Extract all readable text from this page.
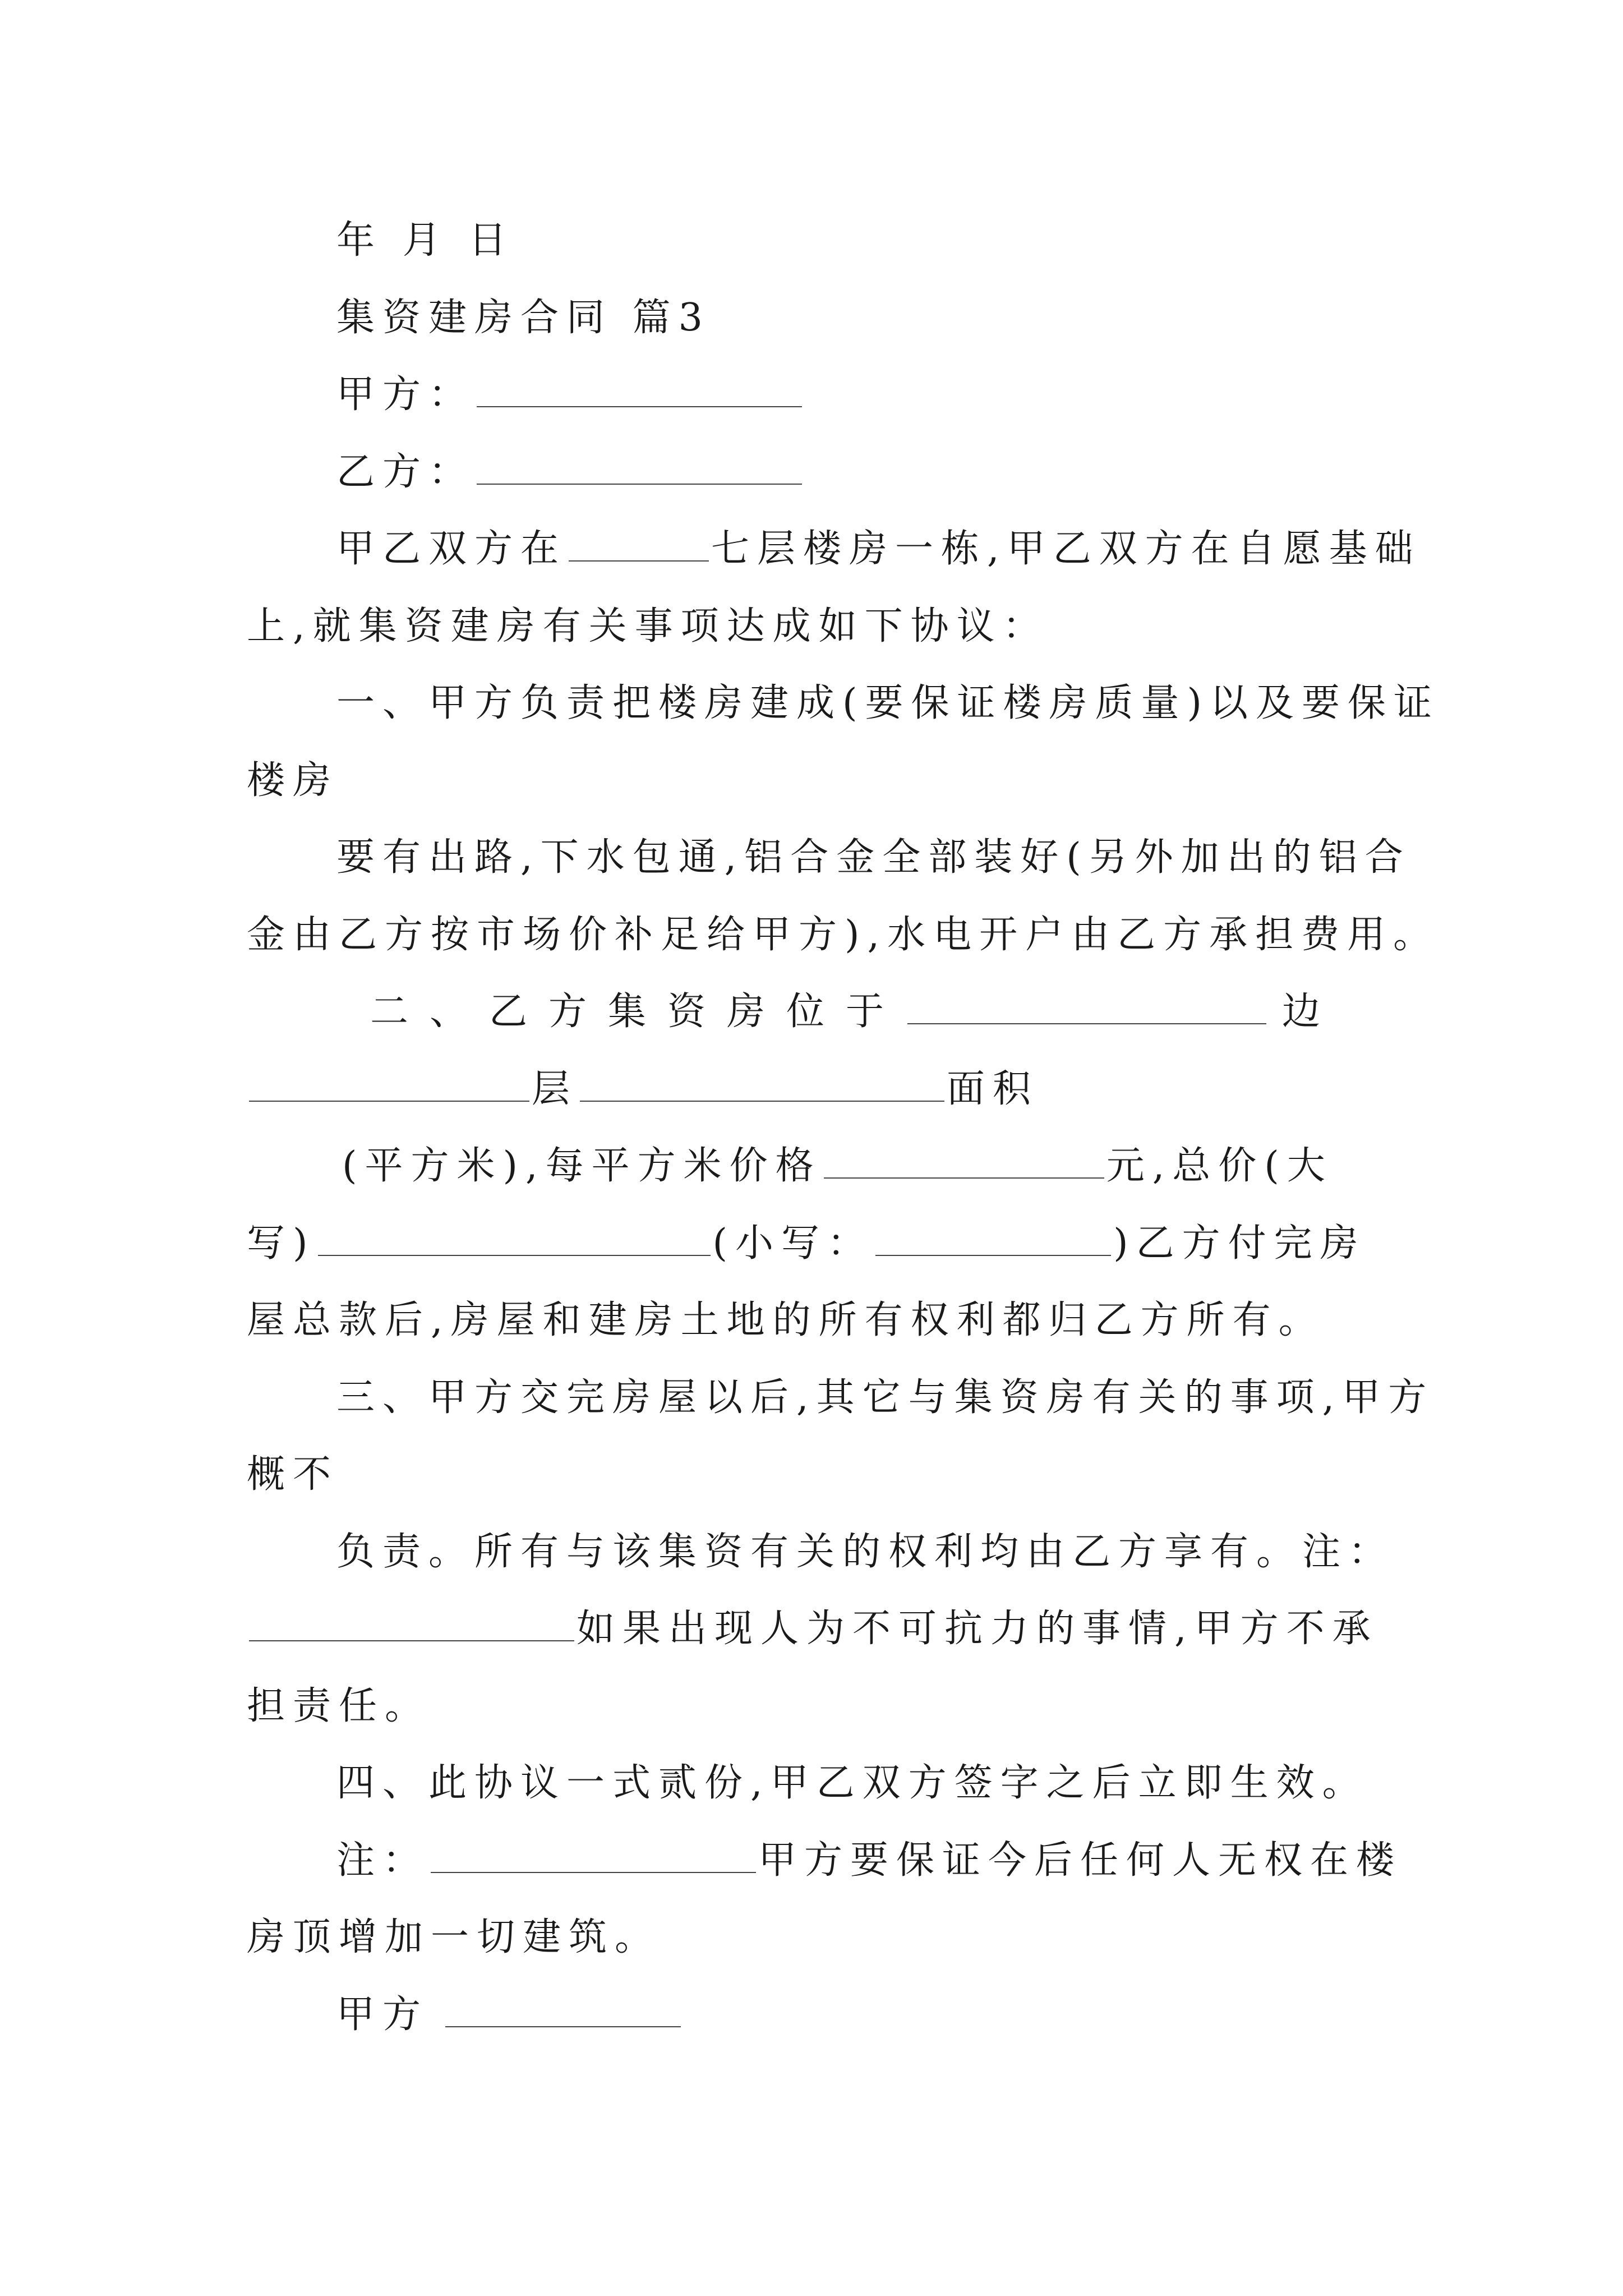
年 月 日
集资建房合同 篇3
甲方：
乙方：
甲乙双方在	七层楼房一栋,甲乙双方在自愿基础
上,就集资建房有关事项达成如下协议：
一、甲方负责把楼房建成(要保证楼房质量)以及要保证
楼房
要有出路,下水包通,铝合金全部装好(另外加出的铝合
金由乙方按市场价补足给甲方),水电开户由乙方承担费用。
二、乙方集资房位于	边
层	面积
(平方米),每平方米价格	元,总价(大
写)	(小写：	)乙方付完房
屋总款后,房屋和建房土地的所有权利都归乙方所有。
三、甲方交完房屋以后,其它与集资房有关的事项,甲方
概不
负责。所有与该集资有关的权利均由乙方享有。注：
如果出现人为不可抗力的事情,甲方不承
担责任。
四、此协议一式贰份,甲乙双方签字之后立即生效。
注：	甲方要保证今后任何人无权在楼
房顶增加一切建筑。
甲方
